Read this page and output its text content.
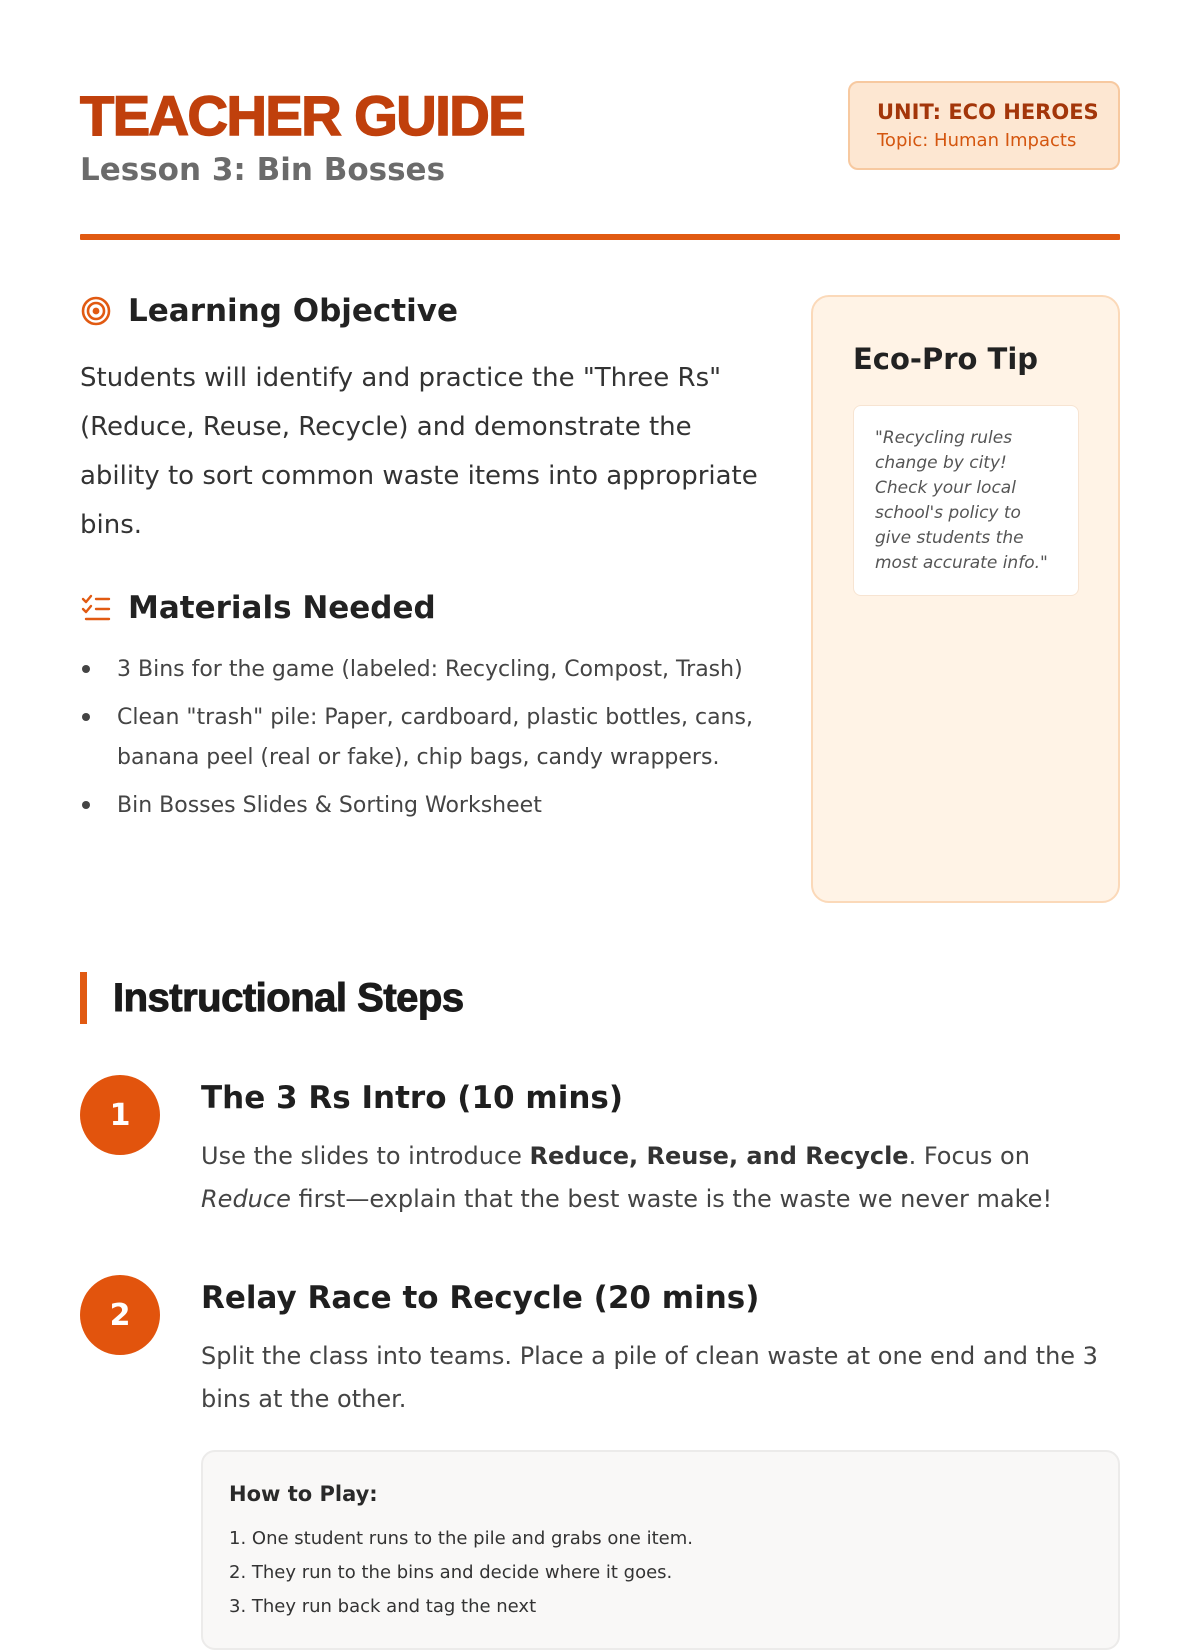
TEACHER GUIDE
Lesson 3: Bin Bosses
UNIT: ECO HEROES
Topic: Human Impacts
Learning Objective

Students will identify and practice the "Three Rs" (Reduce, Reuse, Recycle) and demonstrate the ability to sort common waste items into appropriate bins.

Materials Needed
3 Bins for the game (labeled: Recycling, Compost, Trash)
Clean "trash" pile: Paper, cardboard, plastic bottles, cans, banana peel (real or fake), chip bags, candy wrappers.
Bin Bosses Slides & Sorting Worksheet
Eco-Pro Tip
"Recycling rules change by city! Check your local school's policy to give students the most accurate info."
Instructional Steps
1	The 3 Rs Intro (10 mins)

Use the slides to introduce Reduce, Reuse, and Recycle. Focus on Reduce first—explain that the best waste is the waste we never make!

2	Relay Race to Recycle (20 mins)

Split the class into teams. Place a pile of clean waste at one end and the 3 bins at the other.

How to Play:
1. One student runs to the pile and grabs one item.
2. They run to the bins and decide where it goes.
3. They run back and tag the next
